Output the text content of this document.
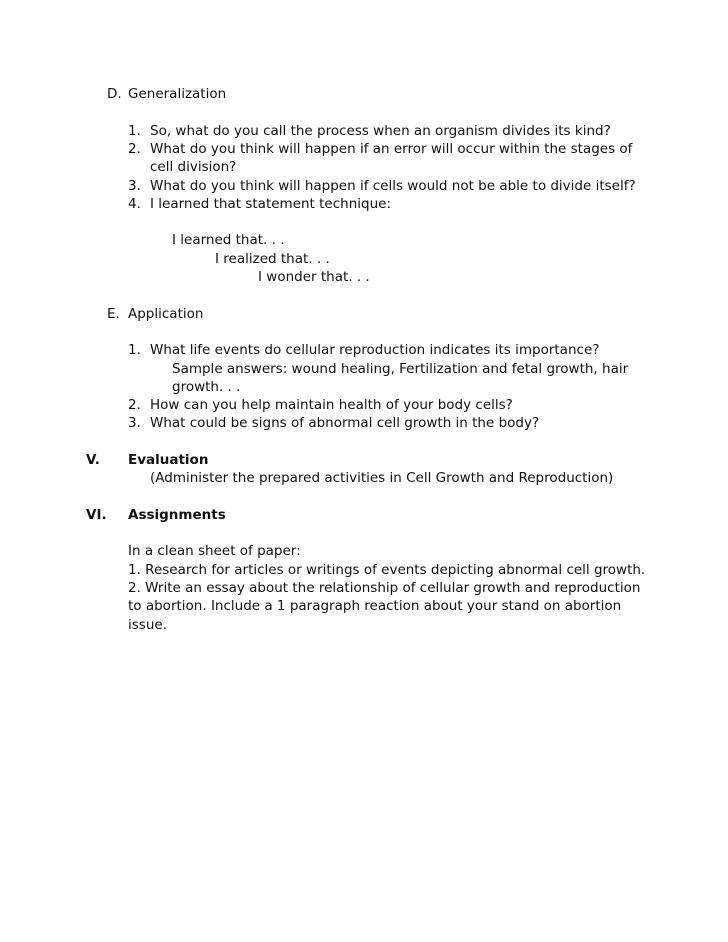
D. Generalization
1. So, what do you call the process when an organism divides its kind?
2. What do you think will happen if an error will occur within the stages of
cell division?
3. What do you think will happen if cells would not be able to divide itself?
4. I learned that statement technique:
I learned that. . .
I realized that. . .
I wonder that. . .
E. Application
1. What life events do cellular reproduction indicates its importance?
Sample answers: wound healing, Fertilization and fetal growth, hair
growth. . .
2. How can you help maintain health of your body cells?
3. What could be signs of abnormal cell growth in the body?
V. Evaluation
(Administer the prepared activities in Cell Growth and Reproduction)
VI. Assignments
In a clean sheet of paper:
1. Research for articles or writings of events depicting abnormal cell growth.
2. Write an essay about the relationship of cellular growth and reproduction
to abortion. Include a 1 paragraph reaction about your stand on abortion
issue.
